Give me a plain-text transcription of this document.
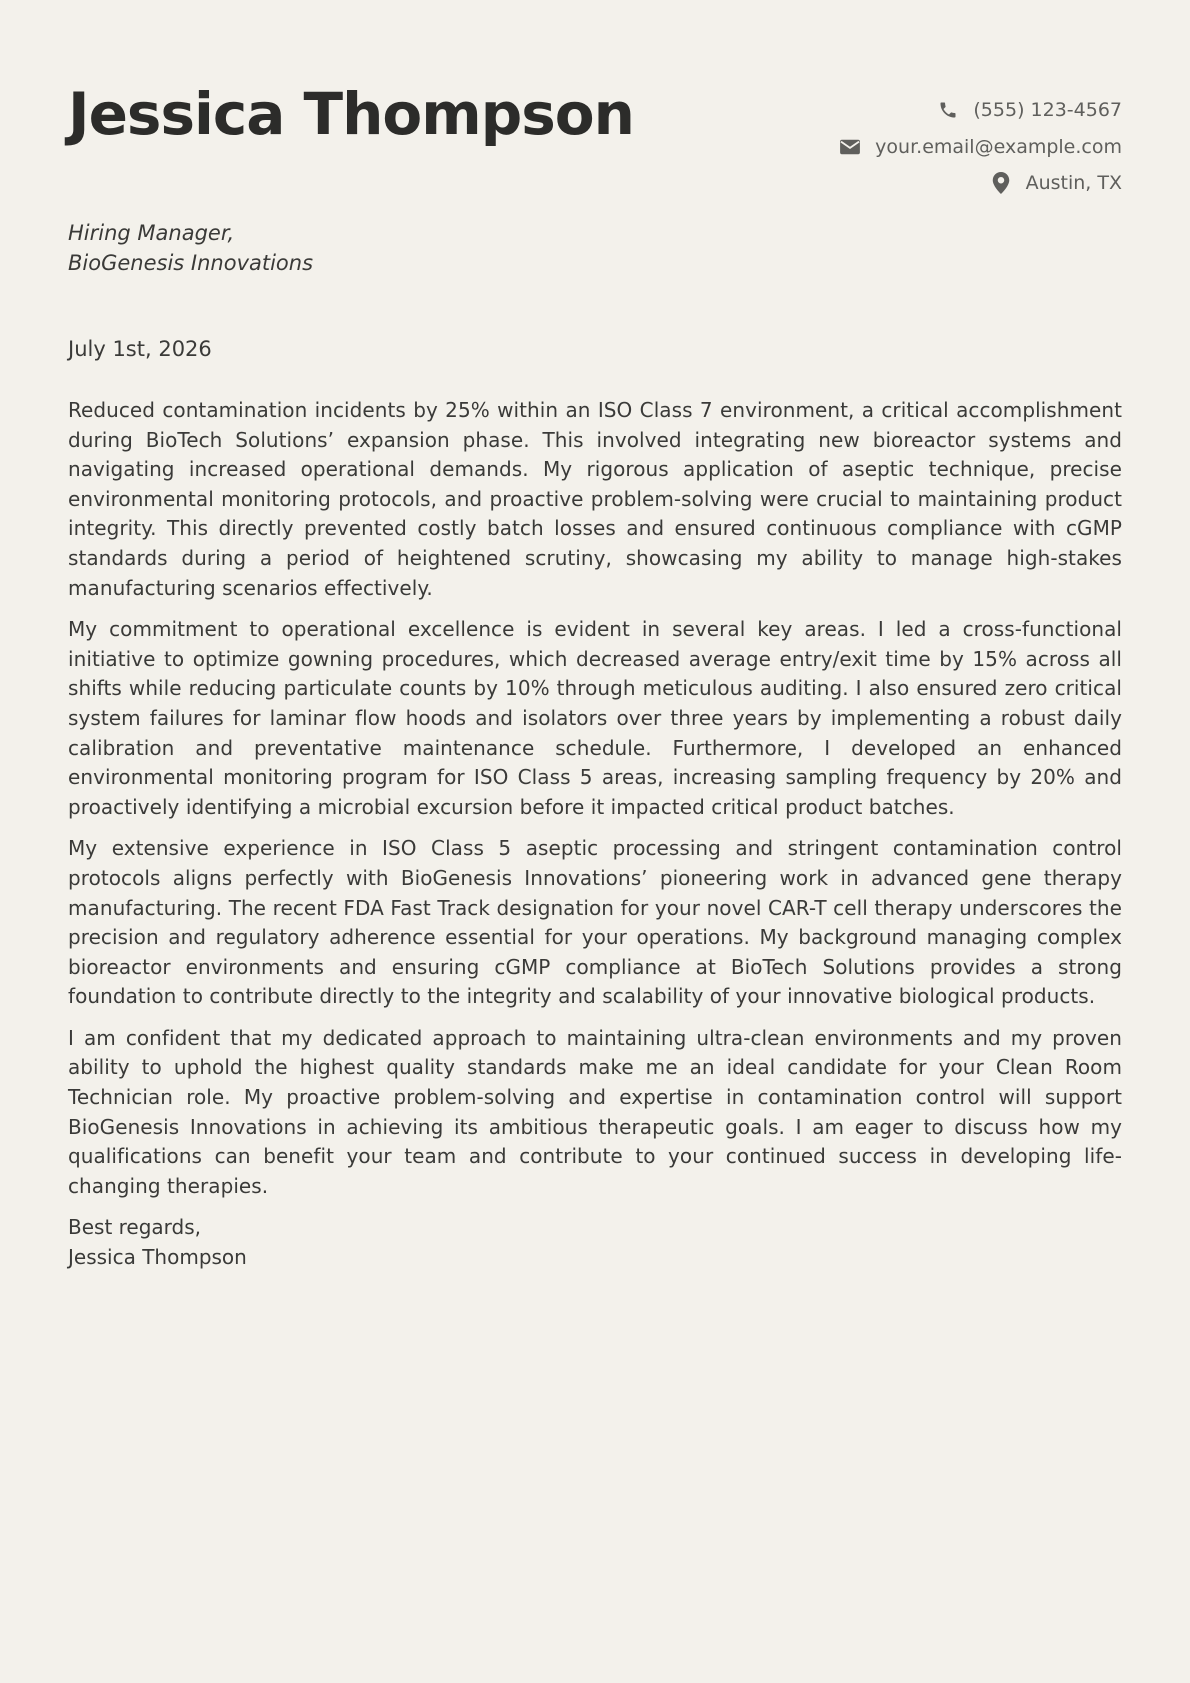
Jessica Thompson	(555) 123-4567
your.email@example.com
Austin, TX
Hiring Manager,
BioGenesis Innovations
July 1st, 2026

Reduced contamination incidents by 25% within an ISO Class 7 environment, a critical accomplishment during BioTech Solutions’ expansion phase. This involved integrating new bioreactor systems and navigating increased operational demands. My rigorous application of aseptic technique, precise environmental monitoring protocols, and proactive problem-solving were crucial to maintaining product integrity. This directly prevented costly batch losses and ensured continuous compliance with cGMP standards during a period of heightened scrutiny, showcasing my ability to manage high-stakes manufacturing scenarios effectively.

My commitment to operational excellence is evident in several key areas. I led a cross-functional initiative to optimize gowning procedures, which decreased average entry/exit time by 15% across all shifts while reducing particulate counts by 10% through meticulous auditing. I also ensured zero critical system failures for laminar flow hoods and isolators over three years by implementing a robust daily calibration and preventative maintenance schedule. Furthermore, I developed an enhanced environmental monitoring program for ISO Class 5 areas, increasing sampling frequency by 20% and proactively identifying a microbial excursion before it impacted critical product batches.

My extensive experience in ISO Class 5 aseptic processing and stringent contamination control protocols aligns perfectly with BioGenesis Innovations’ pioneering work in advanced gene therapy manufacturing. The recent FDA Fast Track designation for your novel CAR-T cell therapy underscores the precision and regulatory adherence essential for your operations. My background managing complex bioreactor environments and ensuring cGMP compliance at BioTech Solutions provides a strong foundation to contribute directly to the integrity and scalability of your innovative biological products.

I am confident that my dedicated approach to maintaining ultra-clean environments and my proven ability to uphold the highest quality standards make me an ideal candidate for your Clean Room Technician role. My proactive problem-solving and expertise in contamination control will support BioGenesis Innovations in achieving its ambitious therapeutic goals. I am eager to discuss how my qualifications can benefit your team and contribute to your continued success in developing life-changing therapies.

Best regards,
Jessica Thompson
